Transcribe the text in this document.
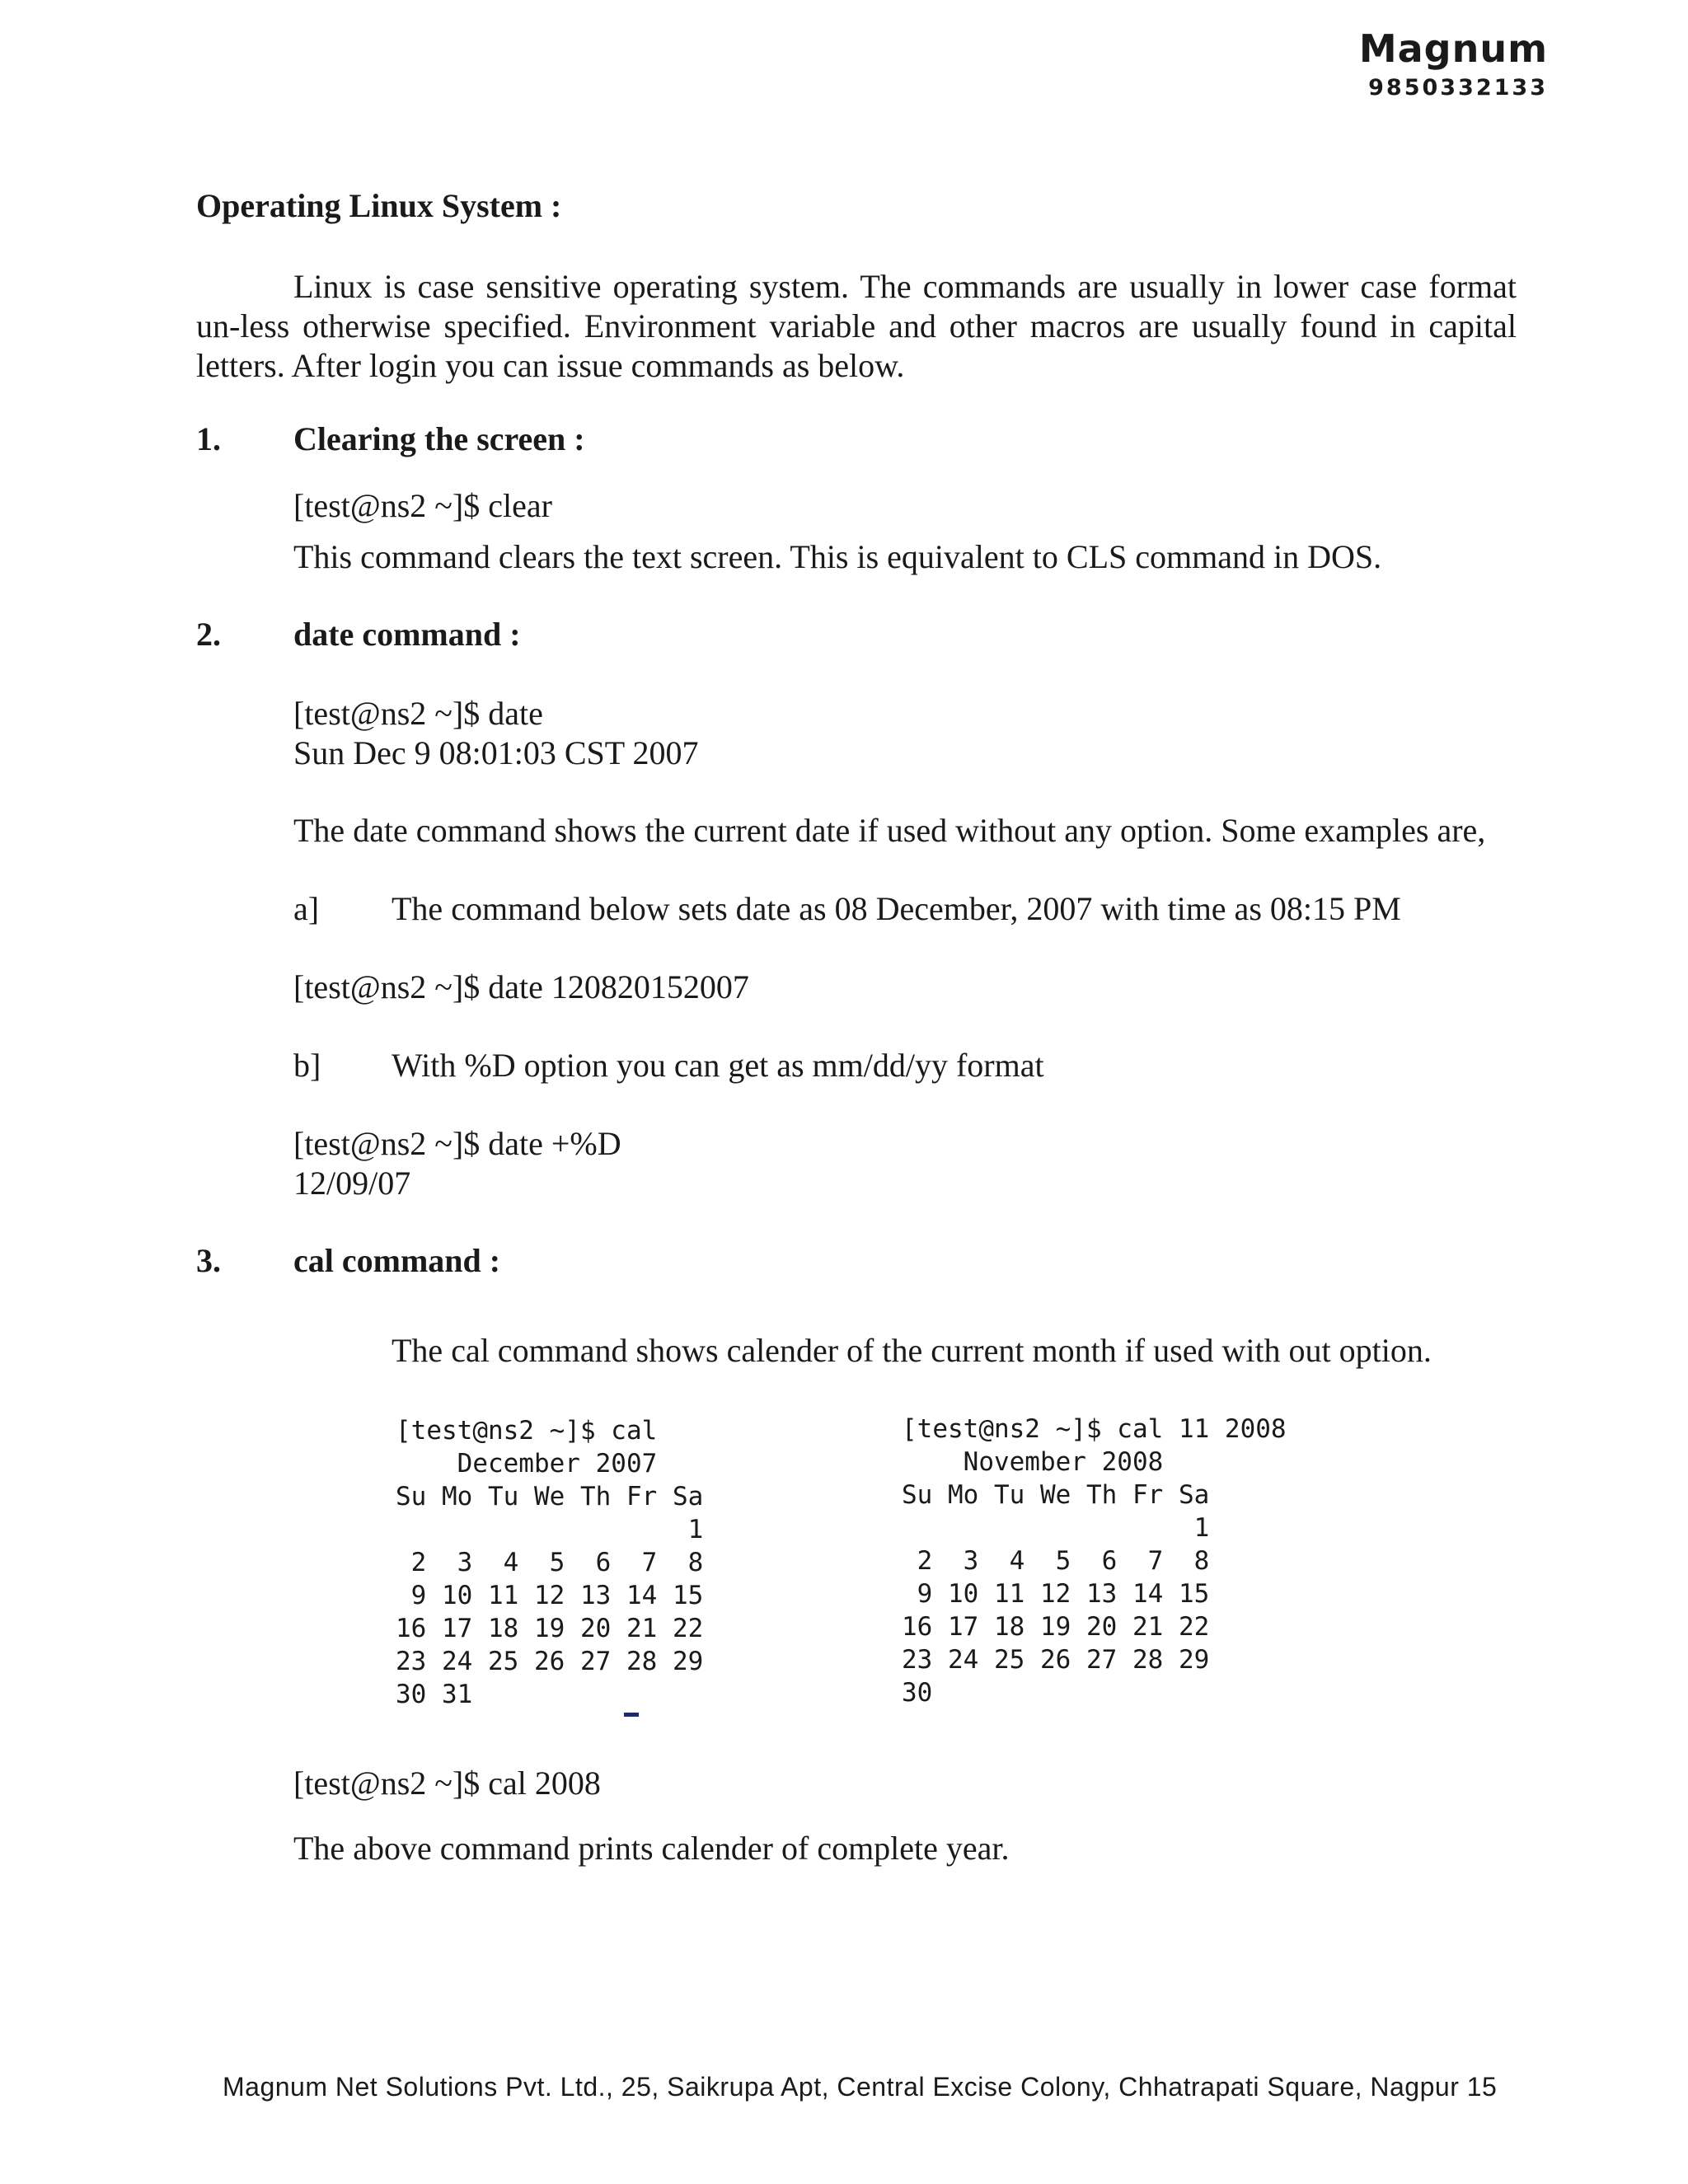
Magnum
9850332133
Operating Linux System :
Linux is case sensitive operating system. The commands are usually in lower case format un-less otherwise specified. Environment variable and other macros are usually found in capital letters. After login you can issue commands as below.
1. Clearing the screen :
[test@ns2 ~]$ clear
This command clears the text screen. This is equivalent to CLS command in DOS.
2. date command :
[test@ns2 ~]$ date
Sun Dec 9 08:01:03 CST 2007
The date command shows the current date if used without any option. Some examples are,
a] The command below sets date as 08 December, 2007 with time as 08:15 PM
[test@ns2 ~]$ date 120820152007
b] With %D option you can get as mm/dd/yy format
[test@ns2 ~]$ date +%D
12/09/07
3. cal command :
The cal command shows calender of the current month if used with out option.
[test@ns2 ~]$ cal
December 2007
Su Mo Tu We Th Fr Sa
1
2  3  4  5  6  7  8
9 10 11 12 13 14 15
16 17 18 19 20 21 22
23 24 25 26 27 28 29
30 31
[test@ns2 ~]$ cal 11 2008
November 2008
Su Mo Tu We Th Fr Sa
1
2  3  4  5  6  7  8
9 10 11 12 13 14 15
16 17 18 19 20 21 22
23 24 25 26 27 28 29
30
[test@ns2 ~]$ cal 2008
The above command prints calender of complete year.
Magnum Net Solutions Pvt. Ltd., 25, Saikrupa Apt, Central Excise Colony, Chhatrapati Square, Nagpur 15
